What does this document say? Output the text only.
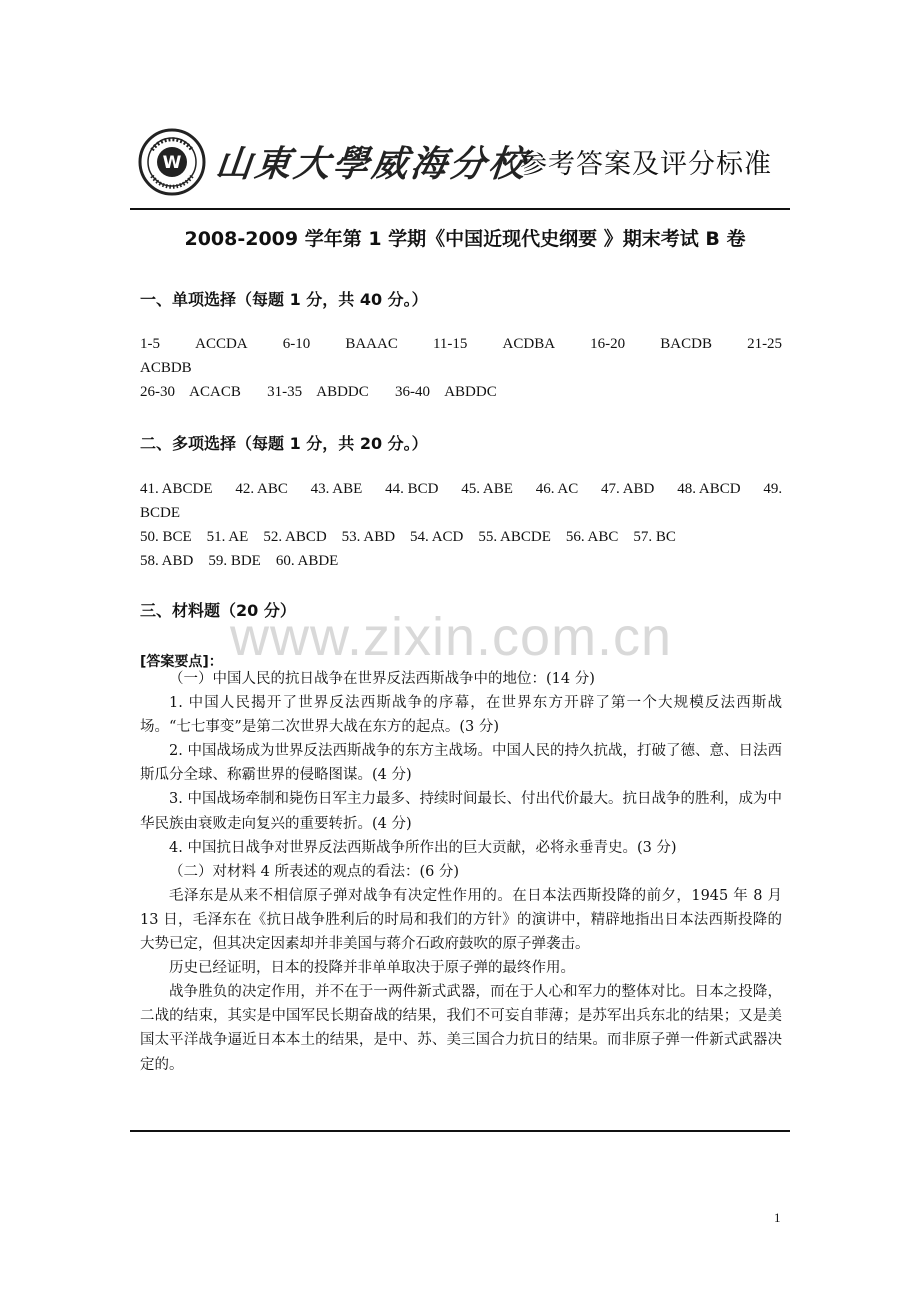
W 山東大學威海分校
参考答案及评分标准
2008-2009 学年第 1 学期《中国近现代史纲要 》期末考试 B 卷
一、单项选择（每题 1 分，共 40 分。）
1-5 ACCDA 6-10 BAAAC 11-15 ACDBA 16-20 BACDB 21-25
ACBDB
26-30    ACACB       31-35    ABDDC       36-40    ABDDC
二、多项选择（每题 1 分，共 20 分。）
41. ABCDE 42. ABC 43. ABE 44. BCD 45. ABE 46. AC 47. ABD 48. ABCD 49.
BCDE
50. BCE    51. AE    52. ABCD    53. ABD    54. ACD    55. ABCDE    56. ABC    57. BC
58. ABD    59. BDE    60. ABDE
三、材料题（20 分）
www.zixin.com.cn
[答案要点]：

（一）中国人民的抗日战争在世界反法西斯战争中的地位：(14 分)

1. 中国人民揭开了世界反法西斯战争的序幕，在世界东方开辟了第一个大规模反法西斯战场。“七七事变”是第二次世界大战在东方的起点。(3 分)

2. 中国战场成为世界反法西斯战争的东方主战场。中国人民的持久抗战，打破了德、意、日法西斯瓜分全球、称霸世界的侵略图谋。(4 分)

3. 中国战场牵制和毙伤日军主力最多、持续时间最长、付出代价最大。抗日战争的胜利，成为中华民族由衰败走向复兴的重要转折。(4 分)

4. 中国抗日战争对世界反法西斯战争所作出的巨大贡献，必将永垂青史。(3 分)

（二）对材料 4 所表述的观点的看法：(6 分)

毛泽东是从来不相信原子弹对战争有决定性作用的。在日本法西斯投降的前夕，1945 年 8 月 13 日，毛泽东在《抗日战争胜利后的时局和我们的方针》的演讲中，精辟地指出日本法西斯投降的大势已定，但其决定因素却并非美国与蒋介石政府鼓吹的原子弹袭击。

历史已经证明，日本的投降并非单单取决于原子弹的最终作用。

战争胜负的决定作用，并不在于一两件新式武器，而在于人心和军力的整体对比。日本之投降，二战的结束，其实是中国军民长期奋战的结果，我们不可妄自菲薄；是苏军出兵东北的结果；又是美国太平洋战争逼近日本本土的结果，是中、苏、美三国合力抗日的结果。而非原子弹一件新式武器决定的。

1
